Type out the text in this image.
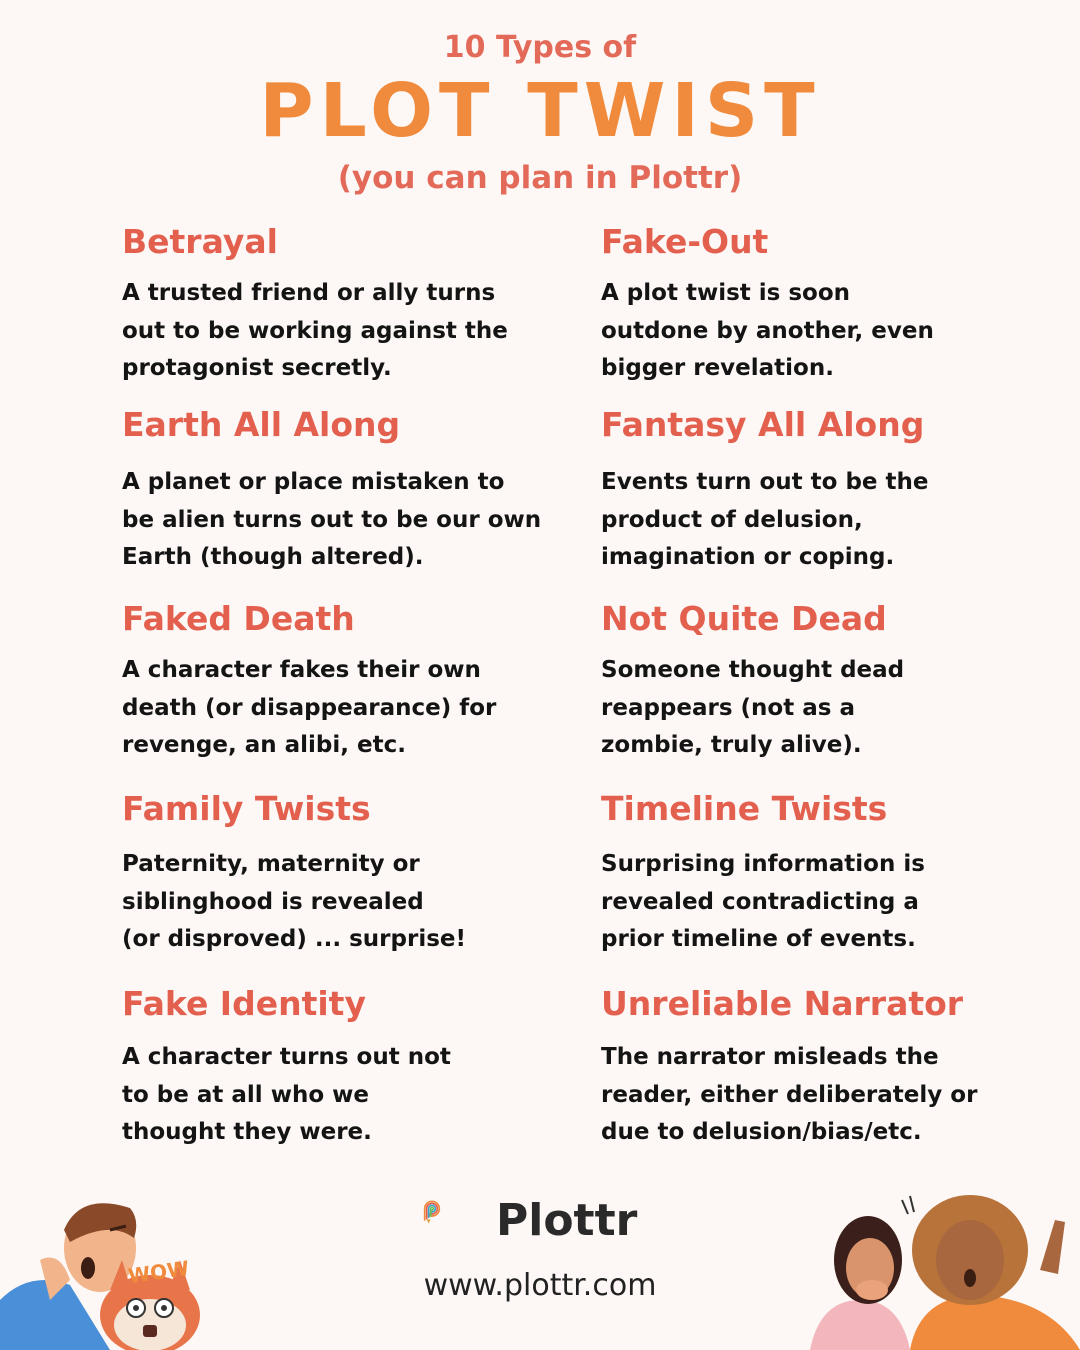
10 Types of
PLOT TWIST
(you can plan in Plottr)
Betrayal

A trusted friend or ally turns
out to be working against the
protagonist secretly.

Earth All Along

A planet or place mistaken to
be alien turns out to be our own
Earth (though altered).

Faked Death

A character fakes their own
death (or disappearance) for
revenge, an alibi, etc.

Family Twists

Paternity, maternity or
siblinghood is revealed
(or disproved) ... surprise!

Fake Identity

A character turns out not
to be at all who we
thought they were.

Fake-Out

A plot twist is soon
outdone by another, even
bigger revelation.

Fantasy All Along

Events turn out to be the
product of delusion,
imagination or coping.

Not Quite Dead

Someone thought dead
reappears (not as a
zombie, truly alive).

Timeline Twists

Surprising information is
revealed contradicting a
prior timeline of events.

Unreliable Narrator

The narrator misleads the
reader, either deliberately or
due to delusion/bias/etc.

Plottr
www.plottr.com
WOW
